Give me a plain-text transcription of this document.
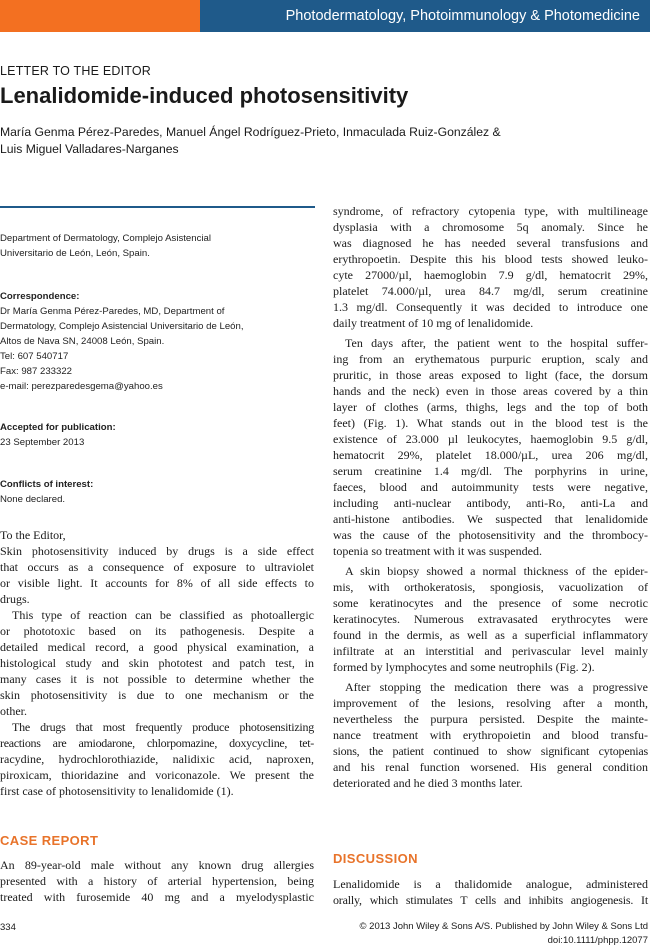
Photodermatology, Photoimmunology & Photomedicine
LETTER TO THE EDITOR
Lenalidomide-induced photosensitivity
María Genma Pérez-Paredes, Manuel Ángel Rodríguez-Prieto, Inmaculada Ruiz-González &
Luis Miguel Valladares-Narganes
Department of Dermatology, Complejo Asistencial
Universitario de León, León, Spain.
Correspondence:
Dr María Genma Pérez-Paredes, MD, Department of
Dermatology, Complejo Asistencial Universitario de León,
Altos de Nava SN, 24008 León, Spain.
Tel: 607 540717
Fax: 987 233322
e-mail: perezparedesgema@yahoo.es
Accepted for publication:
23 September 2013
Conflicts of interest:
None declared.
To the Editor,
Skin photosensitivity induced by drugs is a side effect
that occurs as a consequence of exposure to ultraviolet
or visible light. It accounts for 8% of all side effects to
drugs.
This type of reaction can be classified as photoallergic
or phototoxic based on its pathogenesis. Despite a
detailed medical record, a good physical examination, a
histological study and skin phototest and patch test, in
many cases it is not possible to determine whether the
skin photosensitivity is due to one mechanism or the
other.
The drugs that most frequently produce photosensitizing
reactions are amiodarone, chlorpomazine, doxycycline, tet-
racydine, hydrochlorothiazide, nalidixic acid, naproxen,
piroxicam, thioridazine and voriconazole. We present the
first case of photosensitivity to lenalidomide (1).
CASE REPORT
An 89-year-old male without any known drug allergies
presented with a history of arterial hypertension, being
treated with furosemide 40 mg and a myelodysplastic
syndrome, of refractory cytopenia type, with multilineage
dysplasia with a chromosome 5q anomaly. Since he
was diagnosed he has needed several transfusions and
erythropoetin. Despite this his blood tests showed leuko-
cyte 27000/µl, haemoglobin 7.9 g/dl, hematocrit 29%,
platelet 74.000/µl, urea 84.7 mg/dl, serum creatinine
1.3 mg/dl. Consequently it was decided to introduce one
daily treatment of 10 mg of lenalidomide.
Ten days after, the patient went to the hospital suffer-
ing from an erythematous purpuric eruption, scaly and
pruritic, in those areas exposed to light (face, the dorsum
hands and the neck) even in those areas covered by a thin
layer of clothes (arms, thighs, legs and the top of both
feet) (Fig. 1). What stands out in the blood test is the
existence of 23.000 µl leukocytes, haemoglobin 9.5 g/dl,
hematocrit 29%, platelet 18.000/µL, urea 206 mg/dl,
serum creatinine 1.4 mg/dl. The porphyrins in urine,
faeces, blood and autoimmunity tests were negative,
including anti-nuclear antibody, anti-Ro, anti-La and
anti-histone antibodies. We suspected that lenalidomide
was the cause of the photosensitivity and the thrombocy-
topenia so treatment with it was suspended.
A skin biopsy showed a normal thickness of the epider-
mis, with orthokeratosis, spongiosis, vacuolization of
some keratinocytes and the presence of some necrotic
keratinocytes. Numerous extravasated erythrocytes were
found in the dermis, as well as a superficial inflammatory
infiltrate at an interstitial and perivascular level mainly
formed by lymphocytes and some neutrophils (Fig. 2).
After stopping the medication there was a progressive
improvement of the lesions, resolving after a month,
nevertheless the purpura persisted. Despite the mainte-
nance treatment with erythropoietin and blood transfu-
sions, the patient continued to show significant cytopenias
and his renal function worsened. His general condition
deteriorated and he died 3 months later.
DISCUSSION
Lenalidomide is a thalidomide analogue, administered
orally, which stimulates T cells and inhibits angiogenesis. It
334	© 2013 John Wiley & Sons A/S. Published by John Wiley & Sons Ltd
doi:10.1111/phpp.12077
